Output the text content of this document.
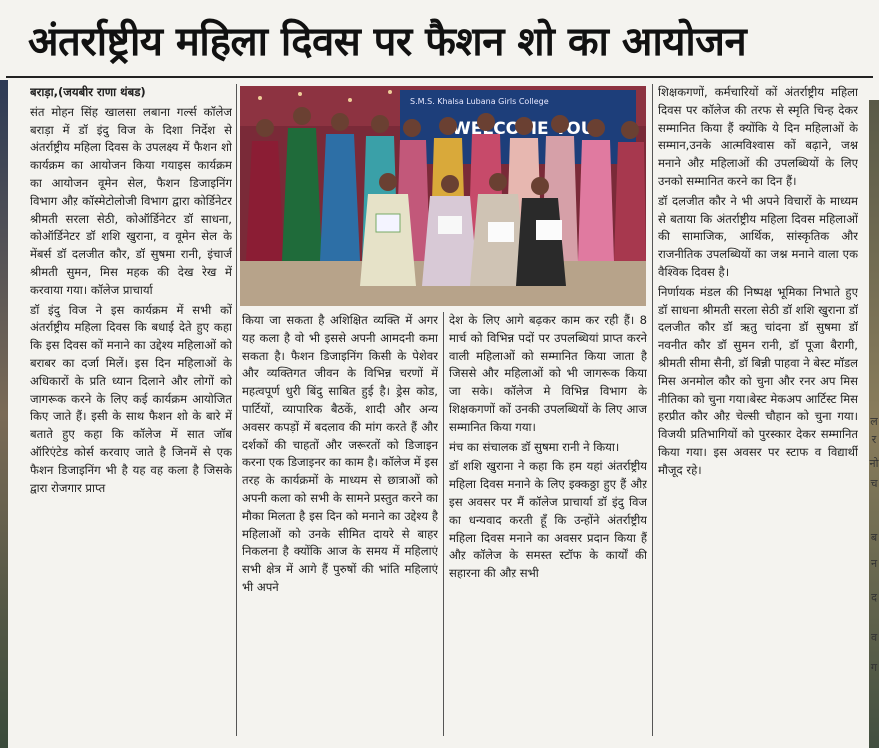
अंतर्राष्ट्रीय महिला दिवस पर फैशन शो का आयोजन
S.M.S. Khalsa Lubana Girls College
WELCOME YOU

बराड़ा,(जयबीर राणा थंबड)

संत मोहन सिंह खालसा लबाना गर्ल्स कॉलेज बराड़ा में डॉ इंदु विज के दिशा निर्देश से अंतर्राष्ट्रीय महिला दिवस के उपलक्ष्य में फैशन शो कार्यक्रम का आयोजन किया गयाइस कार्यक्रम का आयोजन वूमेन सेल, फैशन डिजाइनिंग विभाग औऱ कॉस्मेटोलोजी विभाग द्वारा कोर्डिनेटर श्रीमती सरला सेठी, कोऑर्डिनेटर डॉ साधना, कोऑर्डिनेटर डॉ शशि खुराना, व वूमेन सेल के मेंबर्स डॉ दलजीत कौर, डॉ सुषमा रानी, इंचार्ज श्रीमती सुमन, मिस महक की देख रेख में करवाया गया। कॉलेज प्राचार्या

डॉ इंदु विज ने इस कार्यक्रम में सभी कों अंतर्राष्ट्रीय महिला दिवस कि बधाई देते हुए कहा कि इस दिवस कों मनाने का उद्देश्य महिलाओं को बराबर का दर्जा मिलें। इस दिन महिलाओं के अधिकारों के प्रति ध्यान दिलाने और लोगों को जागरूक करने के लिए कई कार्यक्रम आयोजित किए जाते हैं। इसी के साथ फैशन शो के बारे में बताते हुए कहा कि कॉलेज में सात जॉब ऑरिएंटेड कोर्स करवाए जाते है जिनमें से एक फैशन डिजाइनिंग भी है यह वह कला है जिसके द्वारा रोजगार प्राप्त

किया जा सकता है अशिक्षित व्यक्ति में अगर यह कला है वो भी इससे अपनी आमदनी कमा सकता है। फैशन डिजाइनिंग किसी के पेशेवर और व्यक्तिगत जीवन के विभिन्न चरणों में महत्वपूर्ण धुरी बिंदु साबित हुई है। ड्रेस कोड, पार्टियों, व्यापारिक बैठकें, शादी और अन्य अवसर कपड़ों में बदलाव की मांग करते हैं और दर्शकों की चाहतों और जरूरतों को डिजाइन करना एक डिजाइनर का काम है। कॉलेज में इस तरह के कार्यक्रमों के माध्यम से छात्राओं को अपनी कला को सभी के सामने प्रस्तुत करने का मौका मिलता है इस दिन को मनाने का उद्देश्य है महिलाओं को उनके सीमित दायरे से बाहर निकलना है क्योंकि आज के समय में महिलाएं सभी क्षेत्र में आगे हैं पुरुषों की भांति महिलाएं भी अपने

देश के लिए आगे बढ़कर काम कर रही हैं। 8 मार्च को विभिन्न पदों पर उपलब्धियां प्राप्त करने वाली महिलाओं को सम्मानित किया जाता है जिससे और महिलाओं को भी जागरूक किया जा सके। कॉलेज मे विभिन्न विभाग के शिक्षकगणों कों उनकी उपलब्धियों के लिए आज सम्मानित किया गया।

मंच का संचालक डॉ सुषमा रानी ने किया।

डॉ शशि खुराना ने कहा कि हम यहां अंतर्राष्ट्रीय महिला दिवस मनाने के लिए इक्कठ्ठा हुए हैं औऱ इस अवसर पर मैं कॉलेज प्राचार्या डॉ इंदु विज का धन्यवाद करती हूँ कि उन्होंने अंतर्राष्ट्रीय महिला दिवस मनाने का अवसर प्रदान किया हैं औऱ कॉलेज के समस्त स्टॉफ के कार्यों की सहारना की औऱ सभी

शिक्षकगणों, कर्मचारियों कों अंतर्राष्ट्रीय महिला दिवस पर कॉलेज की तरफ से स्मृति चिन्ह देकर सम्मानित किया हैं क्योंकि ये दिन महिलाओं के सम्मान,उनके आत्मविश्वास कों बढ़ाने, जश्न मनाने औऱ महिलाओं की उपलब्धियों के लिए उनको सम्मानित करने का दिन हैं।

डॉ दलजीत कौर ने भी अपने विचारों के माध्यम से बताया कि अंतर्राष्ट्रीय महिला दिवस महिलाओं की सामाजिक, आर्थिक, सांस्कृतिक और राजनीतिक उपलब्धियों का जश्न मनाने वाला एक वैश्विक दिवस है।

निर्णायक मंडल की निष्पक्ष भूमिका निभाते हुए डॉ साधना श्रीमती सरला सेठी डॉ शशि खुराना डॉ दलजीत कौर डॉ ऋतु चांदना डॉ सुषमा डॉ नवनीत कौर डॉ सुमन रानी, डॉ पूजा बैरागी, श्रीमती सीमा सैनी, डॉ बिन्नी पाहवा ने बेस्ट मॉडल मिस अनमोल कौर को चुना और रनर अप मिस नीतिका को चुना गया।बेस्ट मेकअप आर्टिस्ट मिस हरप्रीत कौर औऱ चेल्सी चौहान को चुना गया। विजयी प्रतिभागियों को पुरस्कार देकर सम्मानित किया गया। इस अवसर पर स्टाफ व विद्यार्थी मौजूद रहे।

ल
र
नो
च
ब
न
द
व
ग
